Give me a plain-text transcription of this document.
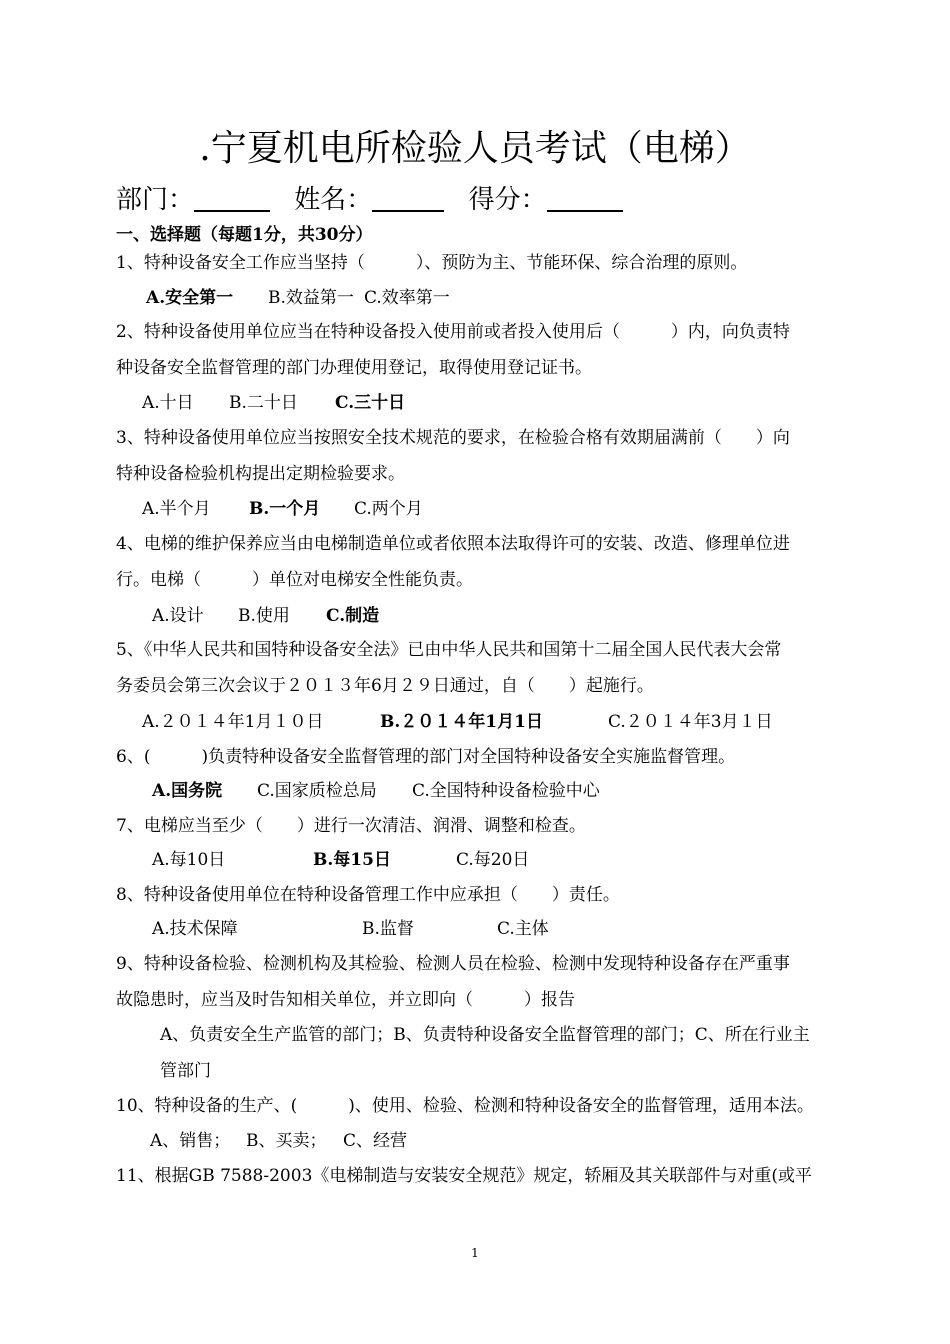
.宁夏机电所检验人员考试（电梯）
部门：	姓名：	得分：
一、选择题（每题1分，共30分）
1、特种设备安全工作应当坚持（　　　）、预防为主、节能环保、综合治理的原则。
A.安全第一 B.效益第一 C.效率第一
2、特种设备使用单位应当在特种设备投入使用前或者投入使用后（　　　）内，向负责特
种设备安全监督管理的部门办理使用登记，取得使用登记证书。
A.十日 B.二十日 C.三十日
3、特种设备使用单位应当按照安全技术规范的要求，在检验合格有效期届满前（　　）向
特种设备检验机构提出定期检验要求。
A.半个月 B.一个月 C.两个月
4、电梯的维护保养应当由电梯制造单位或者依照本法取得许可的安装、改造、修理单位进
行。电梯（　　　）单位对电梯安全性能负责。
A.设计 B.使用 C.制造
5、《中华人民共和国特种设备安全法》已由中华人民共和国第十二届全国人民代表大会常
务委员会第三次会议于２０１３年6月２９日通过，自（　　）起施行。
A.２０１４年1月１０日	B.２０１４年1月1日	C.２０１４年3月１日
6、(　　　)负责特种设备安全监督管理的部门对全国特种设备安全实施监督管理。
A.国务院 C.国家质检总局 C.全国特种设备检验中心
7、电梯应当至少（　　）进行一次清洁、润滑、调整和检查。
A.每10日	B.每15日	C.每20日
8、特种设备使用单位在特种设备管理工作中应承担（　　）责任。
A.技术保障	B.监督	C.主体
9、特种设备检验、检测机构及其检验、检测人员在检验、检测中发现特种设备存在严重事
故隐患时，应当及时告知相关单位，并立即向（　　　）报告
A、负责安全生产监管的部门；B、负责特种设备安全监督管理的部门；C、所在行业主
管部门
10、特种设备的生产、(　　　)、使用、检验、检测和特种设备安全的监督管理，适用本法。
A、销售； B、买卖； C、经营
11、根据GB 7588-2003《电梯制造与安装安全规范》规定，轿厢及其关联部件与对重(或平
1
